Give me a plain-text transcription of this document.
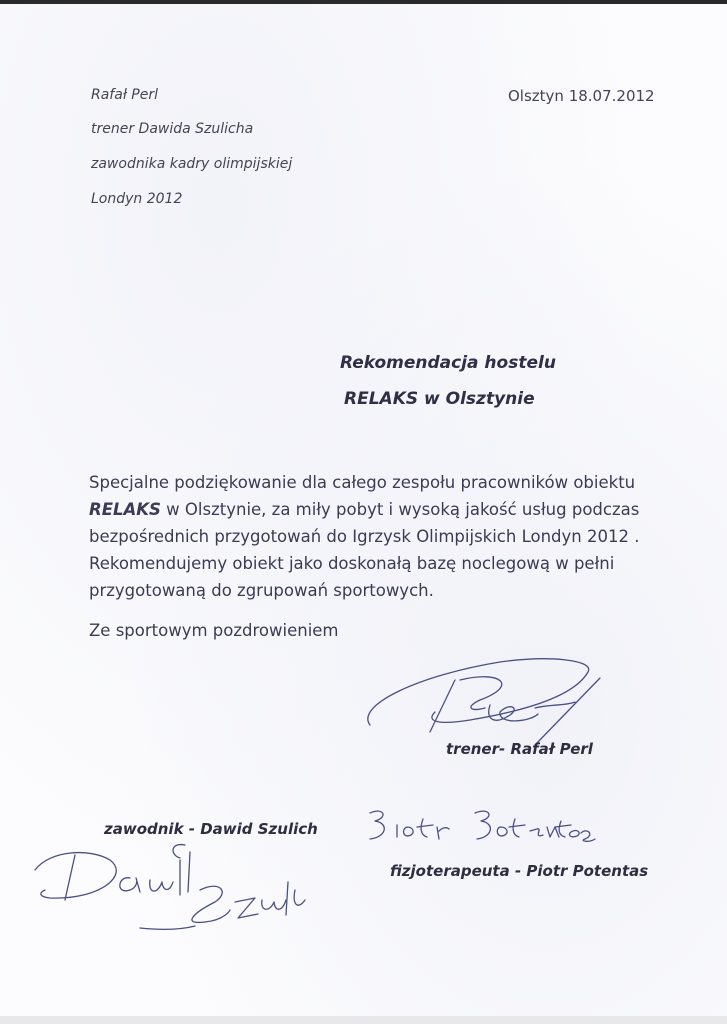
Rafał Perl
trener Dawida Szulicha
zawodnika kadry olimpijskiej
Londyn 2012
Olsztyn 18.07.2012
Rekomendacja hostelu
RELAKS w Olsztynie
Specjalne podziękowanie dla całego zespołu pracowników obiektu
RELAKS w Olsztynie, za miły pobyt i wysoką jakość usług podczas
bezpośrednich przygotowań do Igrzysk Olimpijskich Londyn 2012 .
Rekomendujemy obiekt jako doskonałą bazę noclegową w pełni
przygotowaną do zgrupowań sportowych.
Ze sportowym pozdrowieniem
trener- Rafał Perl
zawodnik - Dawid Szulich
fizjoterapeuta - Piotr Potentas
